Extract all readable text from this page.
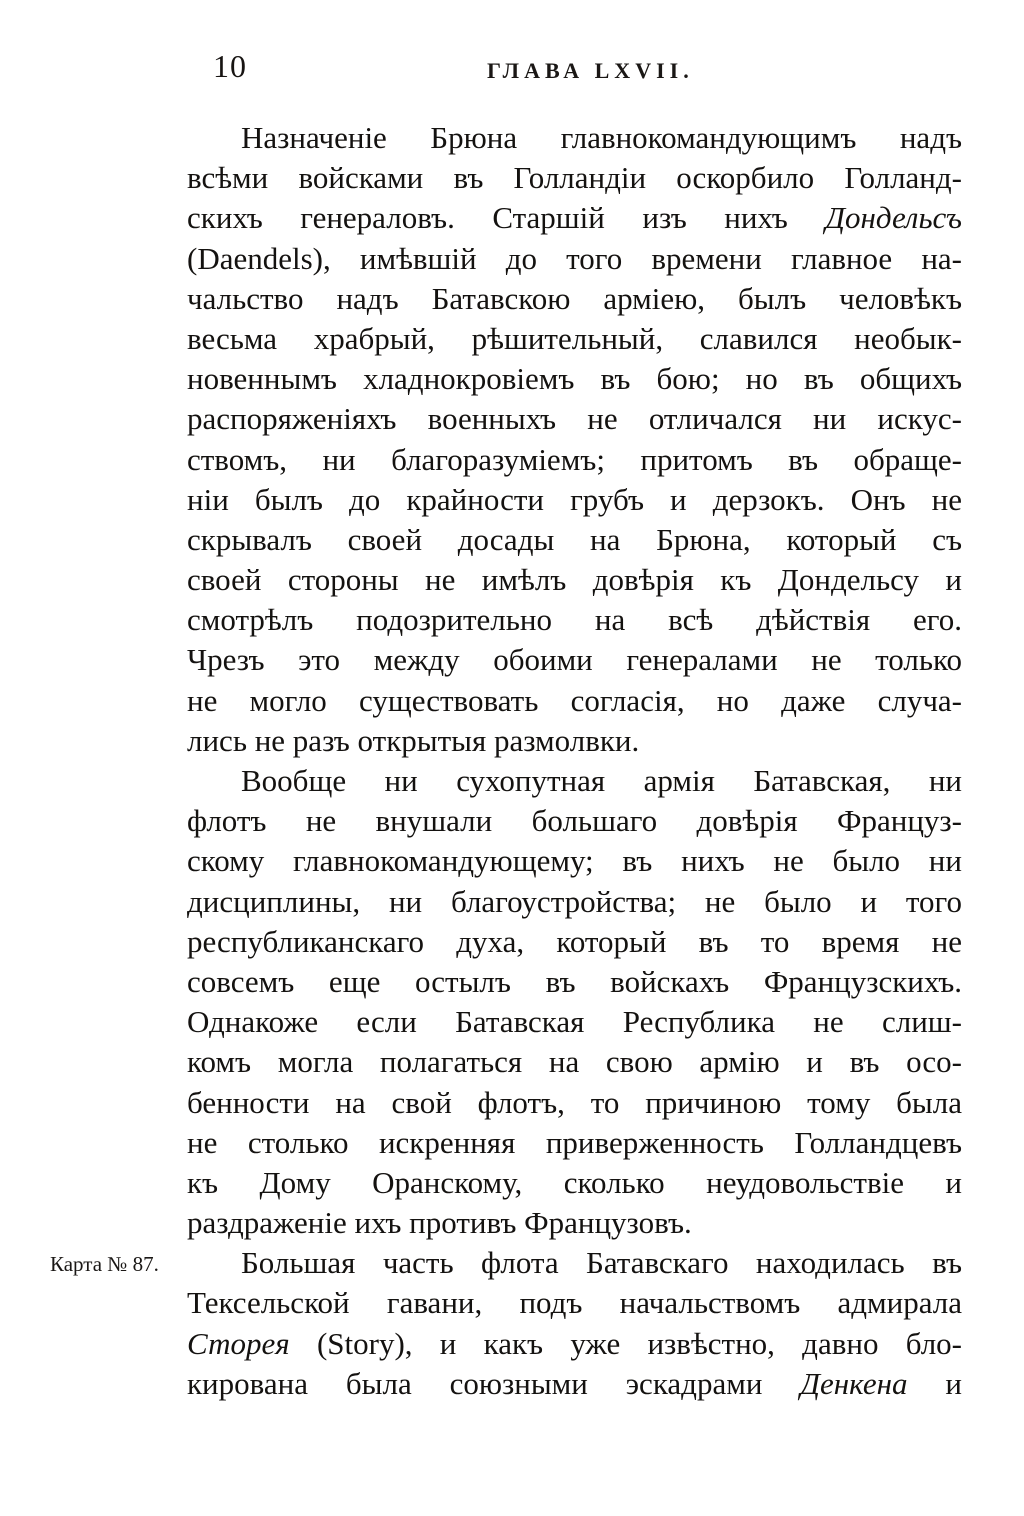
10	ГЛАВА LXVII.
Карта № 87.
Назначеніе Брюна главнокомандующимъ надъ
всѣми войсками въ Голландіи оскорбило Голланд-
скихъ генераловъ. Старшій изъ нихъ Дондельсъ
(Daendels), имѣвшій до того времени главное на-
чальство надъ Батавскою арміею, былъ человѣкъ
весьма храбрый, рѣшительный, славился необык-
новеннымъ хладнокровіемъ въ бою; но въ общихъ
распоряженіяхъ военныхъ не отличался ни искус-
ствомъ, ни благоразуміемъ; притомъ въ обраще-
ніи былъ до крайности грубъ и дерзокъ. Онъ не
скрывалъ своей досады на Брюна, который съ
своей стороны не имѣлъ довѣрія къ Дондельсу и
смотрѣлъ подозрительно на всѣ дѣйствія его.
Чрезъ это между обоими генералами не только
не могло существовать согласія, но даже случа-
лись не разъ открытыя размолвки.
Вообще ни сухопутная армія Батавская, ни
флотъ не внушали большаго довѣрія Француз-
скому главнокомандующему; въ нихъ не было ни
дисциплины, ни благоустройства; не было и того
республиканскаго духа, который въ то время не
совсемъ еще остылъ въ войскахъ Французскихъ.
Однакоже если Батавская Республика не слиш-
комъ могла полагаться на свою армію и въ осо-
бенности на свой флотъ, то причиною тому была
не столько искренняя приверженность Голландцевъ
къ Дому Оранскому, сколько неудовольствіе и
раздраженіе ихъ противъ Французовъ.
Большая часть флота Батавскаго находилась въ
Тексельской гавани, подъ начальствомъ адмирала
Сторея (Story), и какъ уже извѣстно, давно бло-
кирована была союзными эскадрами Денкена и
